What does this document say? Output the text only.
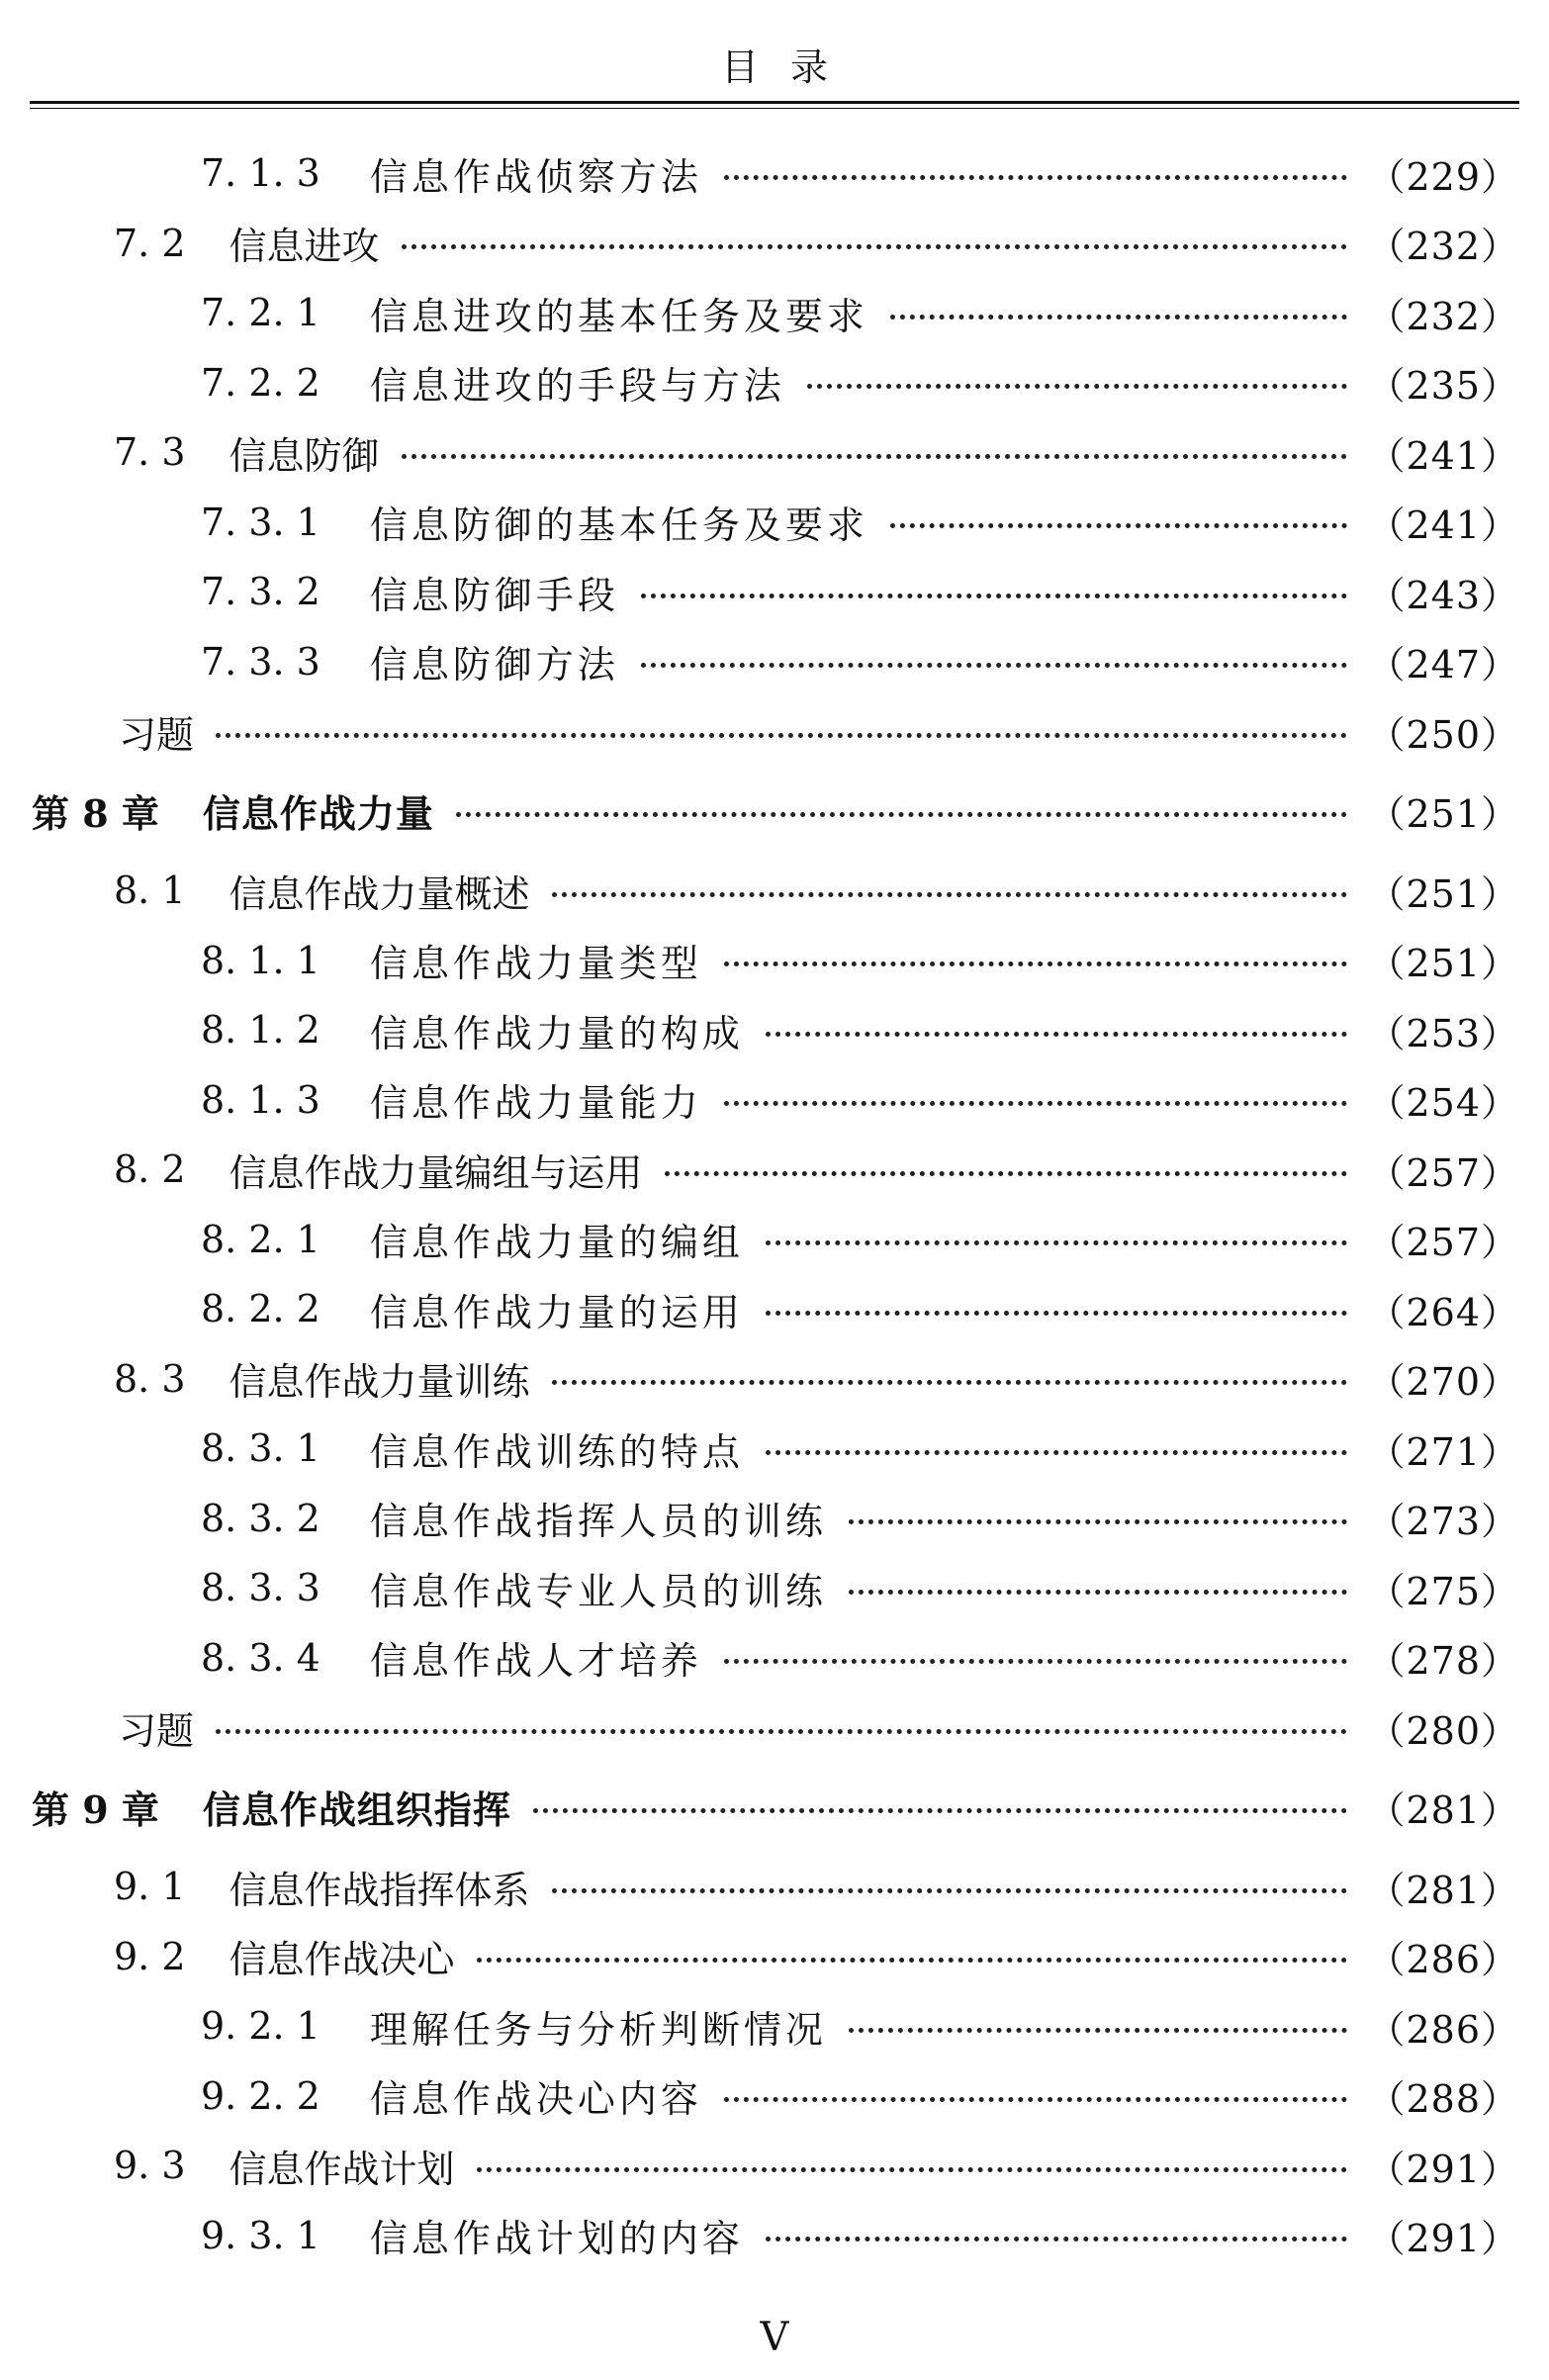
目录
7. 1. 3 信息作战侦察方法	（229）
7. 2 信息进攻	（232）
7. 2. 1 信息进攻的基本任务及要求	（232）
7. 2. 2 信息进攻的手段与方法	（235）
7. 3 信息防御	（241）
7. 3. 1 信息防御的基本任务及要求	（241）
7. 3. 2 信息防御手段	（243）
7. 3. 3 信息防御方法	（247）
习题	（250）
第 8 章 信息作战力量	（251）
8. 1 信息作战力量概述	（251）
8. 1. 1 信息作战力量类型	（251）
8. 1. 2 信息作战力量的构成	（253）
8. 1. 3 信息作战力量能力	（254）
8. 2 信息作战力量编组与运用	（257）
8. 2. 1 信息作战力量的编组	（257）
8. 2. 2 信息作战力量的运用	（264）
8. 3 信息作战力量训练	（270）
8. 3. 1 信息作战训练的特点	（271）
8. 3. 2 信息作战指挥人员的训练	（273）
8. 3. 3 信息作战专业人员的训练	（275）
8. 3. 4 信息作战人才培养	（278）
习题	（280）
第 9 章 信息作战组织指挥	（281）
9. 1 信息作战指挥体系	（281）
9. 2 信息作战决心	（286）
9. 2. 1 理解任务与分析判断情况	（286）
9. 2. 2 信息作战决心内容	（288）
9. 3 信息作战计划	（291）
9. 3. 1 信息作战计划的内容	（291）
V
